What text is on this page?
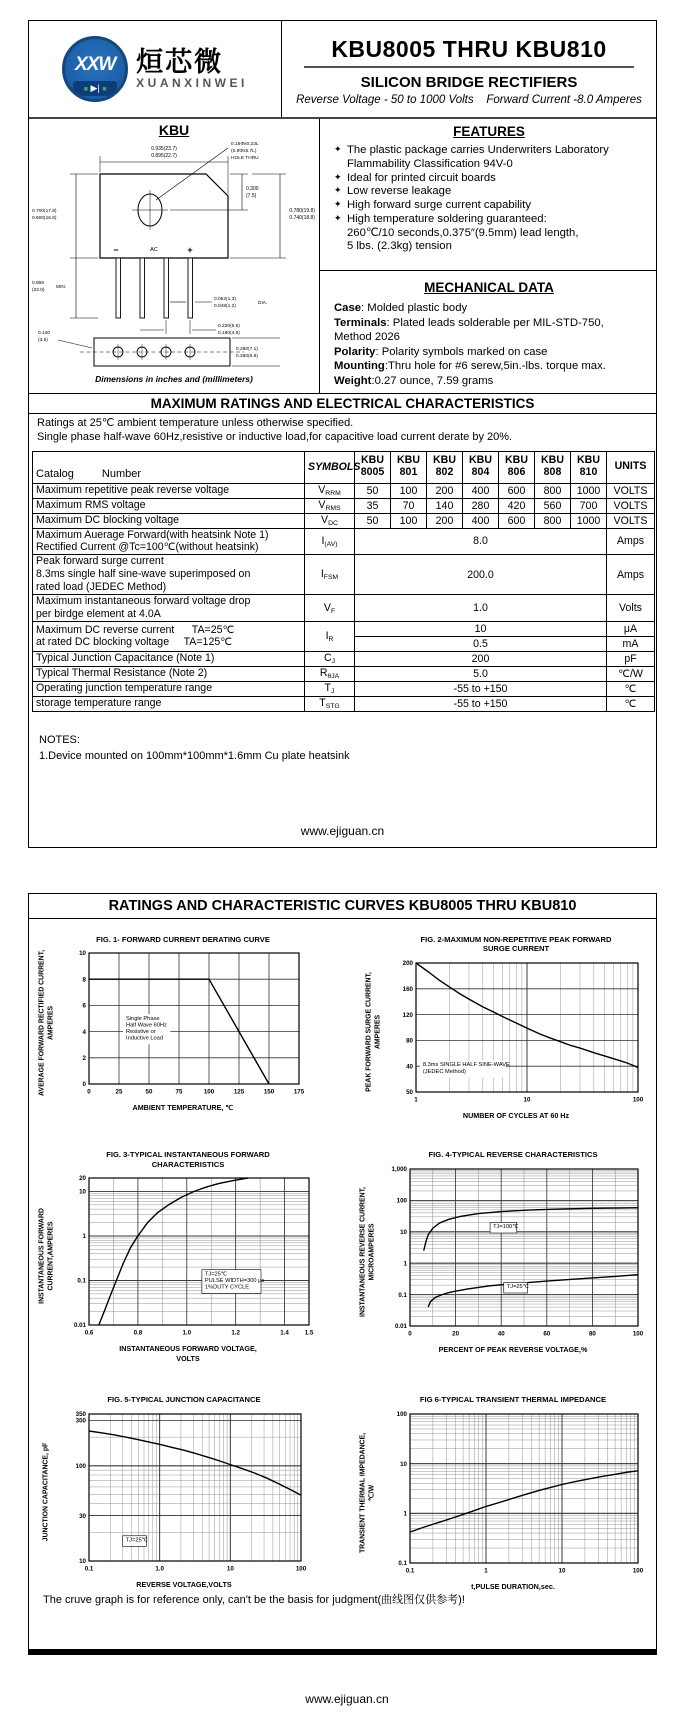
XXW
■ ▶| ■
烜芯微
XUANXINWEI
KBU8005 THRU KBU810
SILICON BRIDGE RECTIFIERS
Reverse Voltage - 50 to 1000 Volts    Forward Current -8.0 Amperes
KBU
−	AC	+
0.935(23.7)
0.895(22.7)
0.15Φx0.23L
(0.8Φx5.7L)
HOLE THRU
0.300
(7.5)
0.780(19.8)
0.740(18.8)
0.700(17.8)
0.600(16.8)
0.866
(22.0)
MIN.
0.052(1.3)
0.048(1.2)
DIA.
0.220(5.6)
0.180(4.6)
0.140
(3.5)
0.280(7.1)
0.260(6.8)
Dimensions in inches and (millimeters)
FEATURES
✦ The plastic package carries Underwriters Laboratory Flammability Classification 94V-0
✦ Ideal for printed circuit boards
✦ Low reverse leakage
✦ High forward surge current capability
✦ High temperature soldering guaranteed:
260℃/10 seconds,0.375″(9.5mm) lead length,
5 lbs. (2.3kg) tension
MECHANICAL DATA
Case: Molded plastic body
Terminals: Plated leads solderable per MIL-STD-750,
Method 2026
Polarity: Polarity symbols marked on case
Mounting:Thru hole for #6 serew,5in.-lbs. torque max.
Weight:0.27 ounce, 7.59 grams
MAXIMUM RATINGS AND ELECTRICAL CHARACTERISTICS
Ratings at 25℃ ambient temperature unless otherwise specified.
Single phase half-wave 60Hz,resistive or inductive load,for capacitive load current derate by 20%.
Catalog	Number
	SYMBOLS	
KBU
8005

KBU
801

KBU
802

KBU
804

KBU
806

KBU
808

KBU
810	UNITS
Maximum repetitive peak reverse voltage	VRRM	50	100	200	400	600	800	1000	VOLTS
Maximum RMS voltage	VRMS	35	70	140	280	420	560	700	VOLTS
Maximum DC blocking voltage	VDC	50	100	200	400	600	800	1000	VOLTS
Maximum Auerage Forward(with heatsink Note 1)
Rectified Current @Tc=100℃(without heatsink)	I(AV)	8.0							Amps
Peak forward surge current
8.3ms single half sine-wave superimposed on
rated load (JEDEC Method)	IFSM	200.0							Amps
Maximum instantaneous forward voltage drop
per birdge element at 4.0A	VF	1.0							Volts
Maximum DC reverse current      TA=25℃
at rated DC blocking voltage     TA=125℃	IR	10							μA
		0.5							mA
Typical Junction Capacitance (Note 1)	CJ	200							pF
Typical Thermal Resistance (Note 2)	RθJA	5.0							℃/W
Operating junction temperature range	TJ	-55 to +150							℃
storage temperature range	TSTG	-55 to +150							℃
NOTES:
1.Device mounted on 100mm*100mm*1.6mm Cu plate heatsink
www.ejiguan.cn
RATINGS AND CHARACTERISTIC CURVES KBU8005 THRU KBU810
FIG. 1- FORWARD CURRENT DERATING CURVE
AVERAGE FORWARD RECTIFIED CURRENT, AMPERES	Single Phase
Half Wave 60Hz
Resistive or
Inductive Load
0	25	50	75	100	125	150	175
0
2
4
6
8
10
AMBIENT TEMPERATURE, ℃
FIG. 2-MAXIMUM NON-REPETITIVE PEAK FORWARD
SURGE CURRENT
PEAK FORWARD SURGE CURRENT, AMPERES
8.3ms SINGLE HALF SINE-WAVE
(JEDEC Method)
1	10	100
50
40
80
120
160
200
NUMBER OF CYCLES AT 60 Hz
FIG. 3-TYPICAL INSTANTANEOUS FORWARD
CHARACTERISTICS
INSTANTANEOUS FORWARD CURRENT,AMPERES	TJ=25℃
PULSE WIDTH=300 μs
1%DUTY CYCLE
0.6	0.8	1.0	1.2	1.4	1.5
0.01
0.1
1
10
20
INSTANTANEOUS FORWARD VOLTAGE,
VOLTS
FIG. 4-TYPICAL REVERSE CHARACTERISTICS
INSTANTANEOUS REVERSE CURRENT, MICROAMPERES	TJ=100℃
TJ=25℃
0	20	40	60	80	100
0.01
0.1
1
10
100
1,000
PERCENT OF PEAK REVERSE VOLTAGE,%
FIG. 5-TYPICAL JUNCTION CAPACITANCE
JUNCTION CAPACITANCE, pF	TJ=25℃
0.1	1.0	10	100
10
30
100
300
350
REVERSE VOLTAGE,VOLTS
FIG 6-TYPICAL TRANSIENT THERMAL IMPEDANCE
TRANSIENT THERMAL IMPEDANCE, ℃/W
0.1	1	10	100
0.1
1
10
100
t,PULSE DURATION,sec.
The cruve graph is for reference only, can't be the basis for judgment(曲线图仅供参考)!
www.ejiguan.cn
